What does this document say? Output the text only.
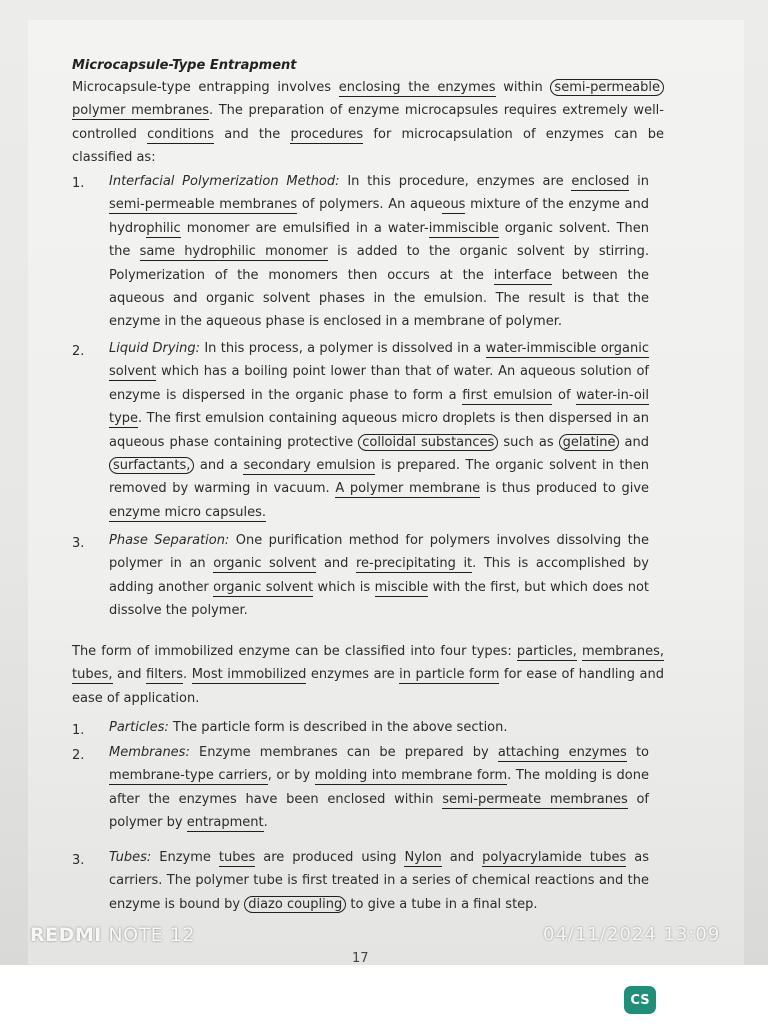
Microcapsule-Type Entrapment
Microcapsule-type entrapping involves enclosing the enzymes within semi-permeable polymer membranes. The preparation of enzyme microcapsules requires extremely well-controlled conditions and the procedures for microcapsulation of enzymes can be classified as:
1. Interfacial Polymerization Method: In this procedure, enzymes are enclosed in semi-permeable membranes of polymers. An aqueous mixture of the enzyme and hydrophilic monomer are emulsified in a water-immiscible organic solvent. Then the same hydrophilic monomer is added to the organic solvent by stirring. Polymerization of the monomers then occurs at the interface between the aqueous and organic solvent phases in the emulsion. The result is that the enzyme in the aqueous phase is enclosed in a membrane of polymer.
2. Liquid Drying: In this process, a polymer is dissolved in a water-immiscible organic solvent which has a boiling point lower than that of water. An aqueous solution of enzyme is dispersed in the organic phase to form a first emulsion of water-in-oil type. The first emulsion containing aqueous micro droplets is then dispersed in an aqueous phase containing protective colloidal substances such as gelatine and surfactants, and a secondary emulsion is prepared. The organic solvent in then removed by warming in vacuum. A polymer membrane is thus produced to give enzyme micro capsules.
3. Phase Separation: One purification method for polymers involves dissolving the polymer in an organic solvent and re-precipitating it. This is accomplished by adding another organic solvent which is miscible with the first, but which does not dissolve the polymer.
The form of immobilized enzyme can be classified into four types: particles, membranes, tubes, and filters. Most immobilized enzymes are in particle form for ease of handling and ease of application.
1. Particles: The particle form is described in the above section.
2. Membranes: Enzyme membranes can be prepared by attaching enzymes to membrane-type carriers, or by molding into membrane form. The molding is done after the enzymes have been enclosed within semi-permeate membranes of polymer by entrapment.
3. Tubes: Enzyme tubes are produced using Nylon and polyacrylamide tubes as carriers. The polymer tube is first treated in a series of chemical reactions and the enzyme is bound by diazo coupling to give a tube in a final step.
REDMI NOTE 12	04/11/2024 13:09
17
CS
